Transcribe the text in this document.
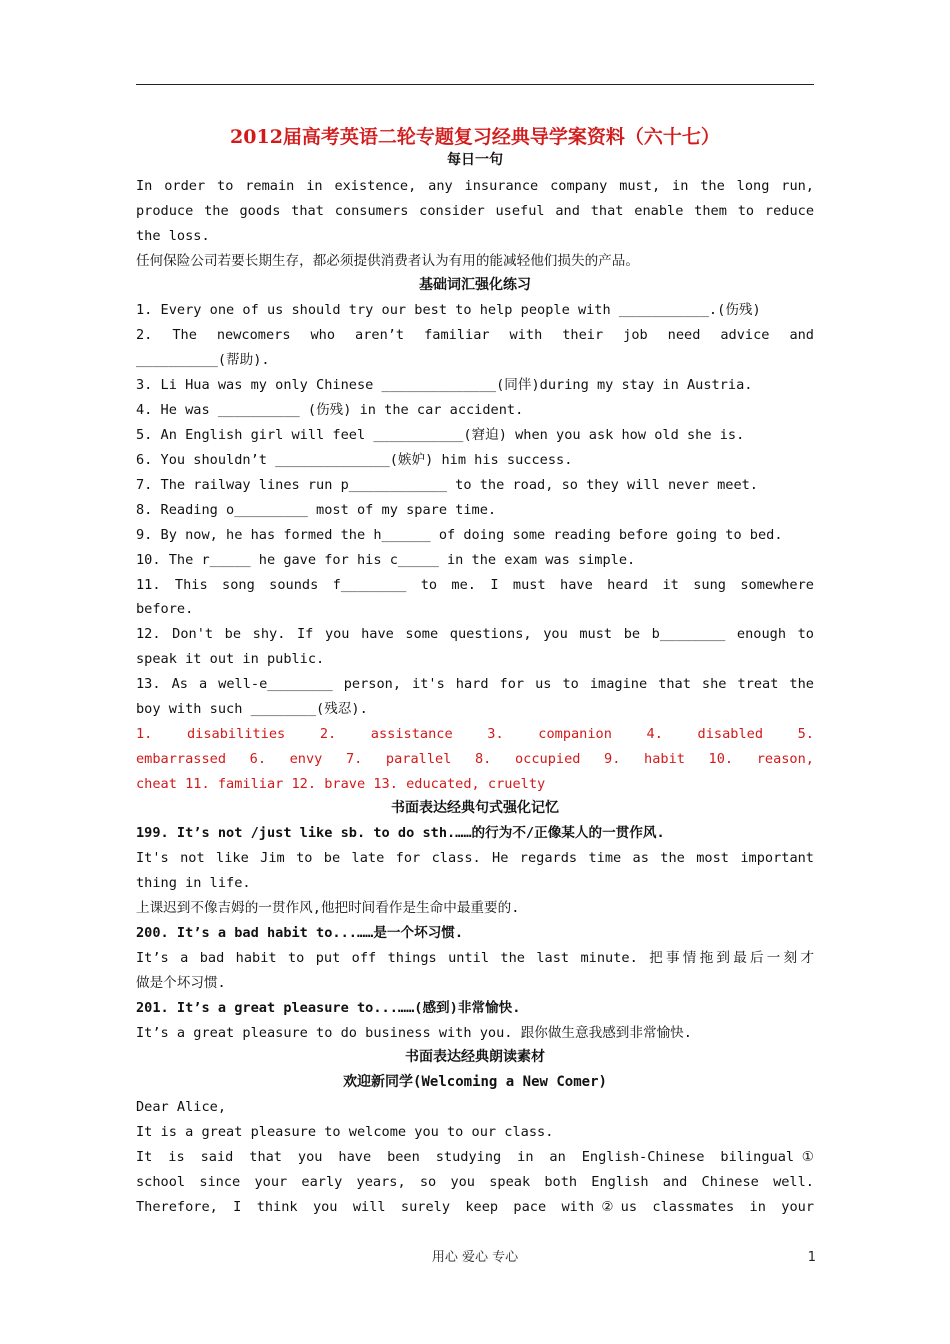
2012届高考英语二轮专题复习经典导学案资料（六十七）
每日一句
In order to remain in existence, any insurance company must, in the long run,
produce the goods that consumers consider useful and that enable them to reduce
the loss.
任何保险公司若要长期生存，都必须提供消费者认为有用的能减轻他们损失的产品。
基础词汇强化练习
1. Every one of us should try our best to help people with ___________.(伤残)
2. The newcomers who aren’t familiar with their job need advice and
__________(帮助).
3. Li Hua was my only Chinese ______________(同伴)during my stay in Austria.
4. He was __________ (伤残) in the car accident.
5. An English girl will feel ___________(窘迫) when you ask how old she is.
6. You shouldn’t ______________(嫉妒) him his success.
7. The railway lines run p____________ to the road, so they will never meet.
8. Reading o_________ most of my spare time.
9. By now, he has formed the h______ of doing some reading before going to bed.
10. The r_____ he gave for his c_____ in the exam was simple.
11. This song sounds f________ to me. I must have heard it sung somewhere
before.
12. Don't be shy. If you have some questions, you must be b________ enough to
speak it out in public.
13. As a well-e________ person, it's hard for us to imagine that she treat the
boy with such ________(残忍).
1. disabilities 2. assistance 3. companion 4. disabled 5.
embarrassed 6. envy 7. parallel 8. occupied 9. habit 10. reason,
cheat 11. familiar 12. brave 13. educated, cruelty
书面表达经典句式强化记忆
199. It’s not /just like sb. to do sth.……的行为不/正像某人的一贯作风.
It's not like Jim to be late for class. He regards time as the most important
thing in life.
上课迟到不像吉姆的一贯作风,他把时间看作是生命中最重要的.
200. It’s a bad habit to...……是一个坏习惯.
It’s a bad habit to put off things until the last minute. 把事情拖到最后一刻才
做是个坏习惯.
201. It’s a great pleasure to...……(感到)非常愉快.
It’s a great pleasure to do business with you. 跟你做生意我感到非常愉快.
书面表达经典朗读素材
欢迎新同学(Welcoming a New Comer)
Dear Alice,
It is a great pleasure to welcome you to our class.
It is said that you have been studying in an English-Chinese bilingual①
school since your early years, so you speak both English and Chinese well.
Therefore, I think you will surely keep pace with②us classmates in your
用心 爱心 专心	1
